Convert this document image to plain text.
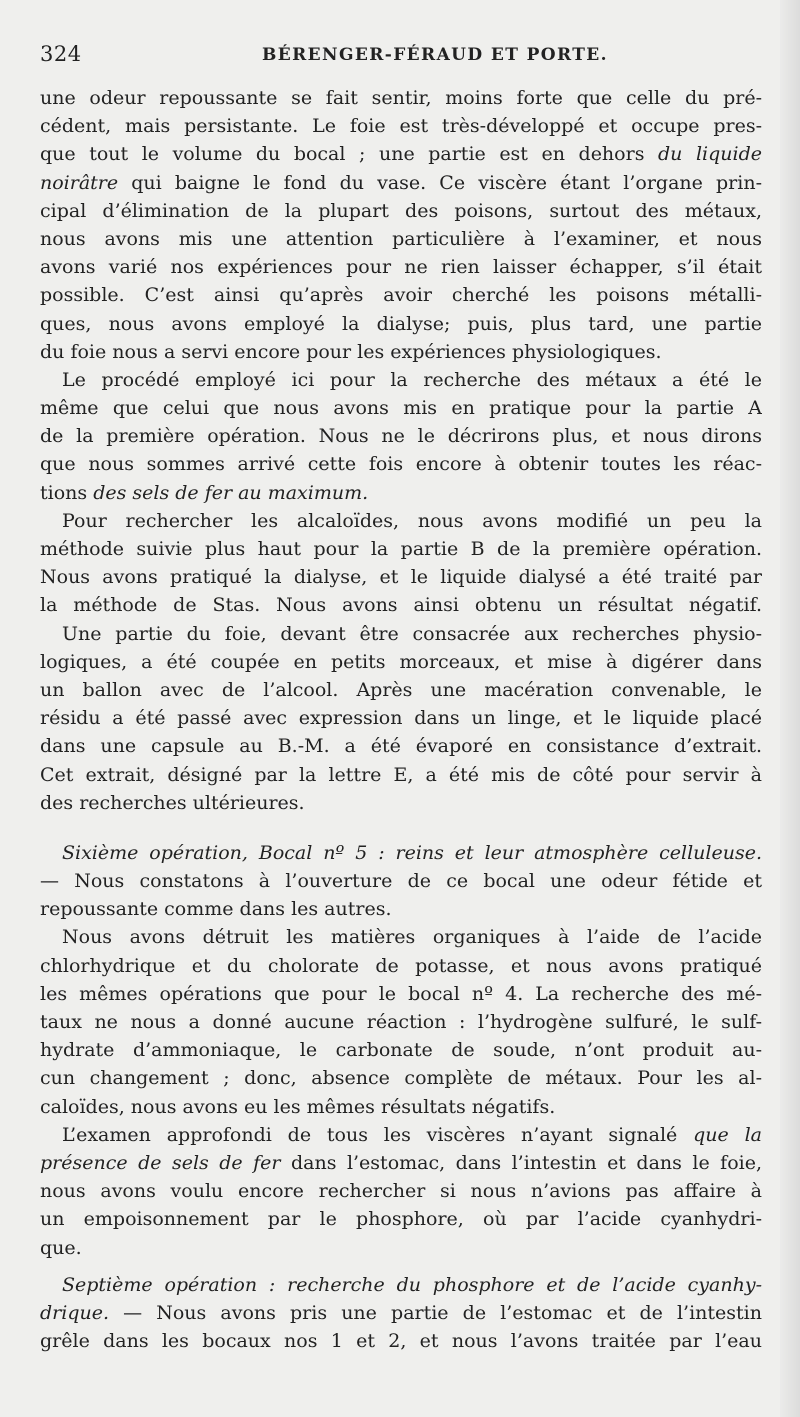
324	BÉRENGER-FÉRAUD ET PORTE.
une odeur repoussante se fait sentir, moins forte que celle du pré-
cédent, mais persistante. Le foie est très-développé et occupe pres-
que tout le volume du bocal ; une partie est en dehors du liquide
noirâtre qui baigne le fond du vase. Ce viscère étant l’organe prin-
cipal d’élimination de la plupart des poisons, surtout des métaux,
nous avons mis une attention particulière à l’examiner, et nous
avons varié nos expériences pour ne rien laisser échapper, s’il était
possible. C’est ainsi qu’après avoir cherché les poisons métalli-
ques, nous avons employé la dialyse; puis, plus tard, une partie
du foie nous a servi encore pour les expériences physiologiques.
Le procédé employé ici pour la recherche des métaux a été le
même que celui que nous avons mis en pratique pour la partie A
de la première opération. Nous ne le décrirons plus, et nous dirons
que nous sommes arrivé cette fois encore à obtenir toutes les réac-
tions des sels de fer au maximum.
Pour rechercher les alcaloïdes, nous avons modifié un peu la
méthode suivie plus haut pour la partie B de la première opération.
Nous avons pratiqué la dialyse, et le liquide dialysé a été traité par
la méthode de Stas. Nous avons ainsi obtenu un résultat négatif.
Une partie du foie, devant être consacrée aux recherches physio-
logiques, a été coupée en petits morceaux, et mise à digérer dans
un ballon avec de l’alcool. Après une macération convenable, le
résidu a été passé avec expression dans un linge, et le liquide placé
dans une capsule au B.-M. a été évaporé en consistance d’extrait.
Cet extrait, désigné par la lettre E, a été mis de côté pour servir à
des recherches ultérieures.
Sixième opération, Bocal nº 5 : reins et leur atmosphère celluleuse.
— Nous constatons à l’ouverture de ce bocal une odeur fétide et
repoussante comme dans les autres.
Nous avons détruit les matières organiques à l’aide de l’acide
chlorhydrique et du cholorate de potasse, et nous avons pratiqué
les mêmes opérations que pour le bocal nº 4. La recherche des mé-
taux ne nous a donné aucune réaction : l’hydrogène sulfuré, le sulf-
hydrate d’ammoniaque, le carbonate de soude, n’ont produit au-
cun changement ; donc, absence complète de métaux. Pour les al-
caloïdes, nous avons eu les mêmes résultats négatifs.
L’examen approfondi de tous les viscères n’ayant signalé que la
présence de sels de fer dans l’estomac, dans l’intestin et dans le foie,
nous avons voulu encore rechercher si nous n’avions pas affaire à
un empoisonnement par le phosphore, où par l’acide cyanhydri-
que.
Septième opération : recherche du phosphore et de l’acide cyanhy-
drique. — Nous avons pris une partie de l’estomac et de l’intestin
grêle dans les bocaux nos 1 et 2, et nous l’avons traitée par l’eau
